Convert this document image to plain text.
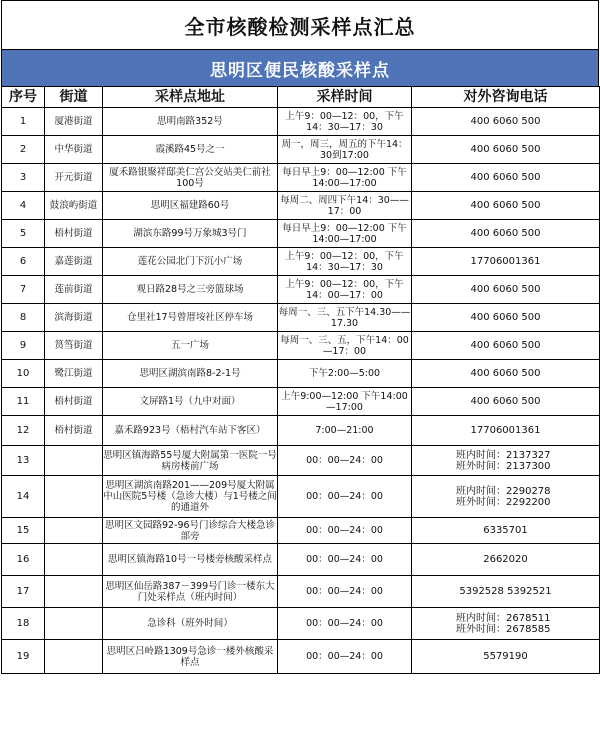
全市核酸检测采样点汇总
思明区便民核酸采样点
序号	街道	采样点地址	采样时间	对外咨询电话
1	厦港街道	思明南路352号	上午9：00—12：00，下午14：30—17：30	400 6060 500
2	中华街道	霞溪路45号之一	周一，周三，周五的下午14：30到17:00	400 6060 500
3	开元街道	厦禾路银聚祥邸美仁宫公交站美仁前社100号	每日早上9：00—12:00 下午14:00—17:00	400 6060 500
4	鼓浪屿街道	思明区福建路60号	每周二、周四下午14：30——17：00	400 6060 500
5	梧村街道	湖滨东路99号万象城3号门	每日早上9：00—12:00 下午14:00—17:00	400 6060 500
6	嘉莲街道	莲花公园北门下沉小广场	上午9：00—12：00，下午14：30—17：30	17706001361
7	莲前街道	观日路28号之三旁篮球场	上午9：00—12：00，下午14：00—17：00	400 6060 500
8	滨海街道	仓里社17号曾厝垵社区停车场	每周一、三、五下午14.30——17.30	400 6060 500
9	筼筜街道	五一广场	每周一、三、五，下午14：00—17：00	400 6060 500
10	鹭江街道	思明区湖滨南路8-2-1号	下午2:00—5:00	400 6060 500
11	梧村街道	文屏路1号（九中对面）	上午9:00—12:00 下午14:00—17:00	400 6060 500
12	梧村街道	嘉禾路923号（梧村汽车站下客区）	7:00—21:00	17706001361
13		思明区镇海路55号厦大附属第一医院一号病房楼前广场	00：00—24：00	班内时间：2137327
班外时间：2137300

14		思明区湖滨南路201——209号厦大附属中山医院5号楼（急诊大楼）与1号楼之间的通道外	00：00—24：00	班内时间：2290278
班外时间：2292200

15		思明区文园路92-96号门诊综合大楼急诊部旁	00：00—24：00	6335701
16		思明区镇海路10号一号楼旁核酸采样点	00：00—24：00	2662020
17		思明区仙岳路387－399号门诊一楼东大门处采样点（班内时间）	00：00—24：00	5392528 5392521
18		急诊科（班外时间）	00：00—24：00	班内时间：2678511
班外时间：2678585

19		思明区吕岭路1309号急诊一楼外核酸采样点	00：00—24：00	5579190
